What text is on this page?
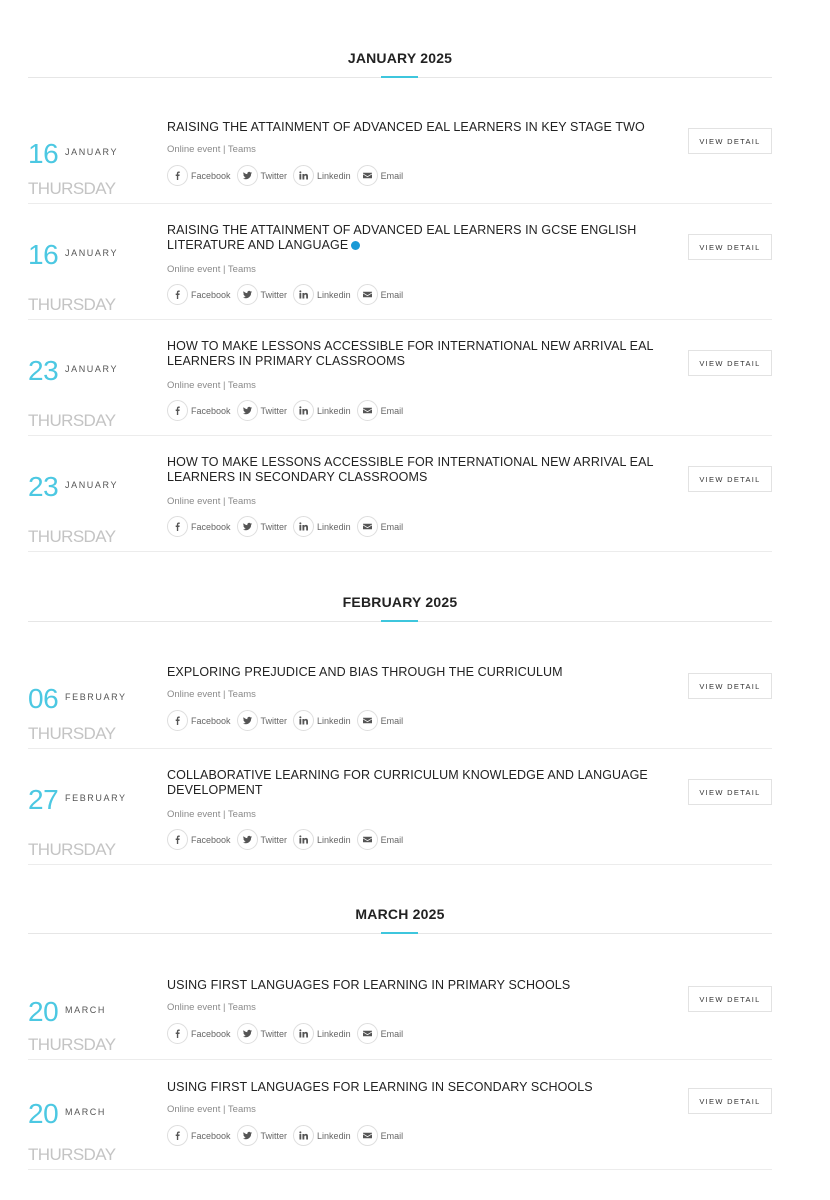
JANUARY 2025
16 JANUARY
THURSDAY
RAISING THE ATTAINMENT OF ADVANCED EAL LEARNERS IN KEY STAGE TWO
Online event | Teams
Facebook	Twitter	Linkedin	Email
VIEW DETAIL
16 JANUARY
THURSDAY
RAISING THE ATTAINMENT OF ADVANCED EAL LEARNERS IN GCSE ENGLISH LITERATURE AND LANGUAGE
Online event | Teams
Facebook	Twitter	Linkedin	Email
VIEW DETAIL
23 JANUARY
THURSDAY
HOW TO MAKE LESSONS ACCESSIBLE FOR INTERNATIONAL NEW ARRIVAL EAL LEARNERS IN PRIMARY CLASSROOMS
Online event | Teams
Facebook	Twitter	Linkedin	Email
VIEW DETAIL
23 JANUARY
THURSDAY
HOW TO MAKE LESSONS ACCESSIBLE FOR INTERNATIONAL NEW ARRIVAL EAL LEARNERS IN SECONDARY CLASSROOMS
Online event | Teams
Facebook	Twitter	Linkedin	Email
VIEW DETAIL
FEBRUARY 2025
06 FEBRUARY
THURSDAY
EXPLORING PREJUDICE AND BIAS THROUGH THE CURRICULUM
Online event | Teams
Facebook	Twitter	Linkedin	Email
VIEW DETAIL
27 FEBRUARY
THURSDAY
COLLABORATIVE LEARNING FOR CURRICULUM KNOWLEDGE AND LANGUAGE DEVELOPMENT
Online event | Teams
Facebook	Twitter	Linkedin	Email
VIEW DETAIL
MARCH 2025
20 MARCH
THURSDAY
USING FIRST LANGUAGES FOR LEARNING IN PRIMARY SCHOOLS
Online event | Teams
Facebook	Twitter	Linkedin	Email
VIEW DETAIL
20 MARCH
THURSDAY
USING FIRST LANGUAGES FOR LEARNING IN SECONDARY SCHOOLS
Online event | Teams
Facebook	Twitter	Linkedin	Email
VIEW DETAIL
